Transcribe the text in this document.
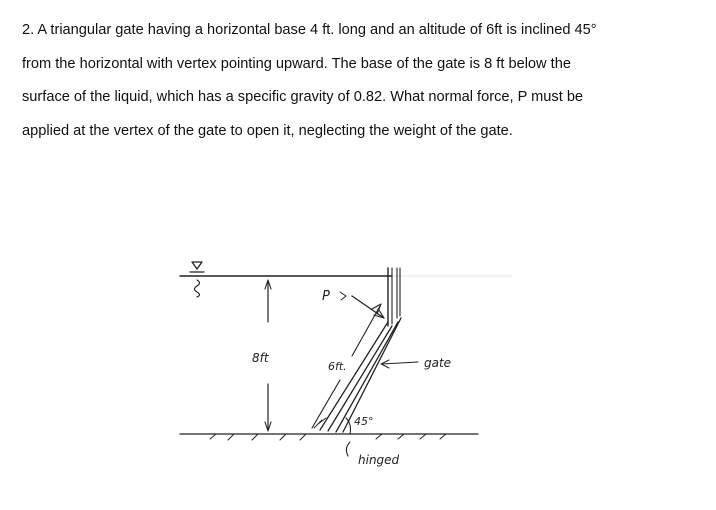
2. A triangular gate having a horizontal base 4 ft. long and an altitude of 6ft is inclined 45°
from the horizontal with vertex pointing upward. The base of the gate is 8 ft below the
surface of the liquid, which has a specific gravity of 0.82. What normal force, P must be
applied at the vertex of the gate to open it, neglecting the weight of the gate.
P
8ft
6ft.	gate
45°
hinged
